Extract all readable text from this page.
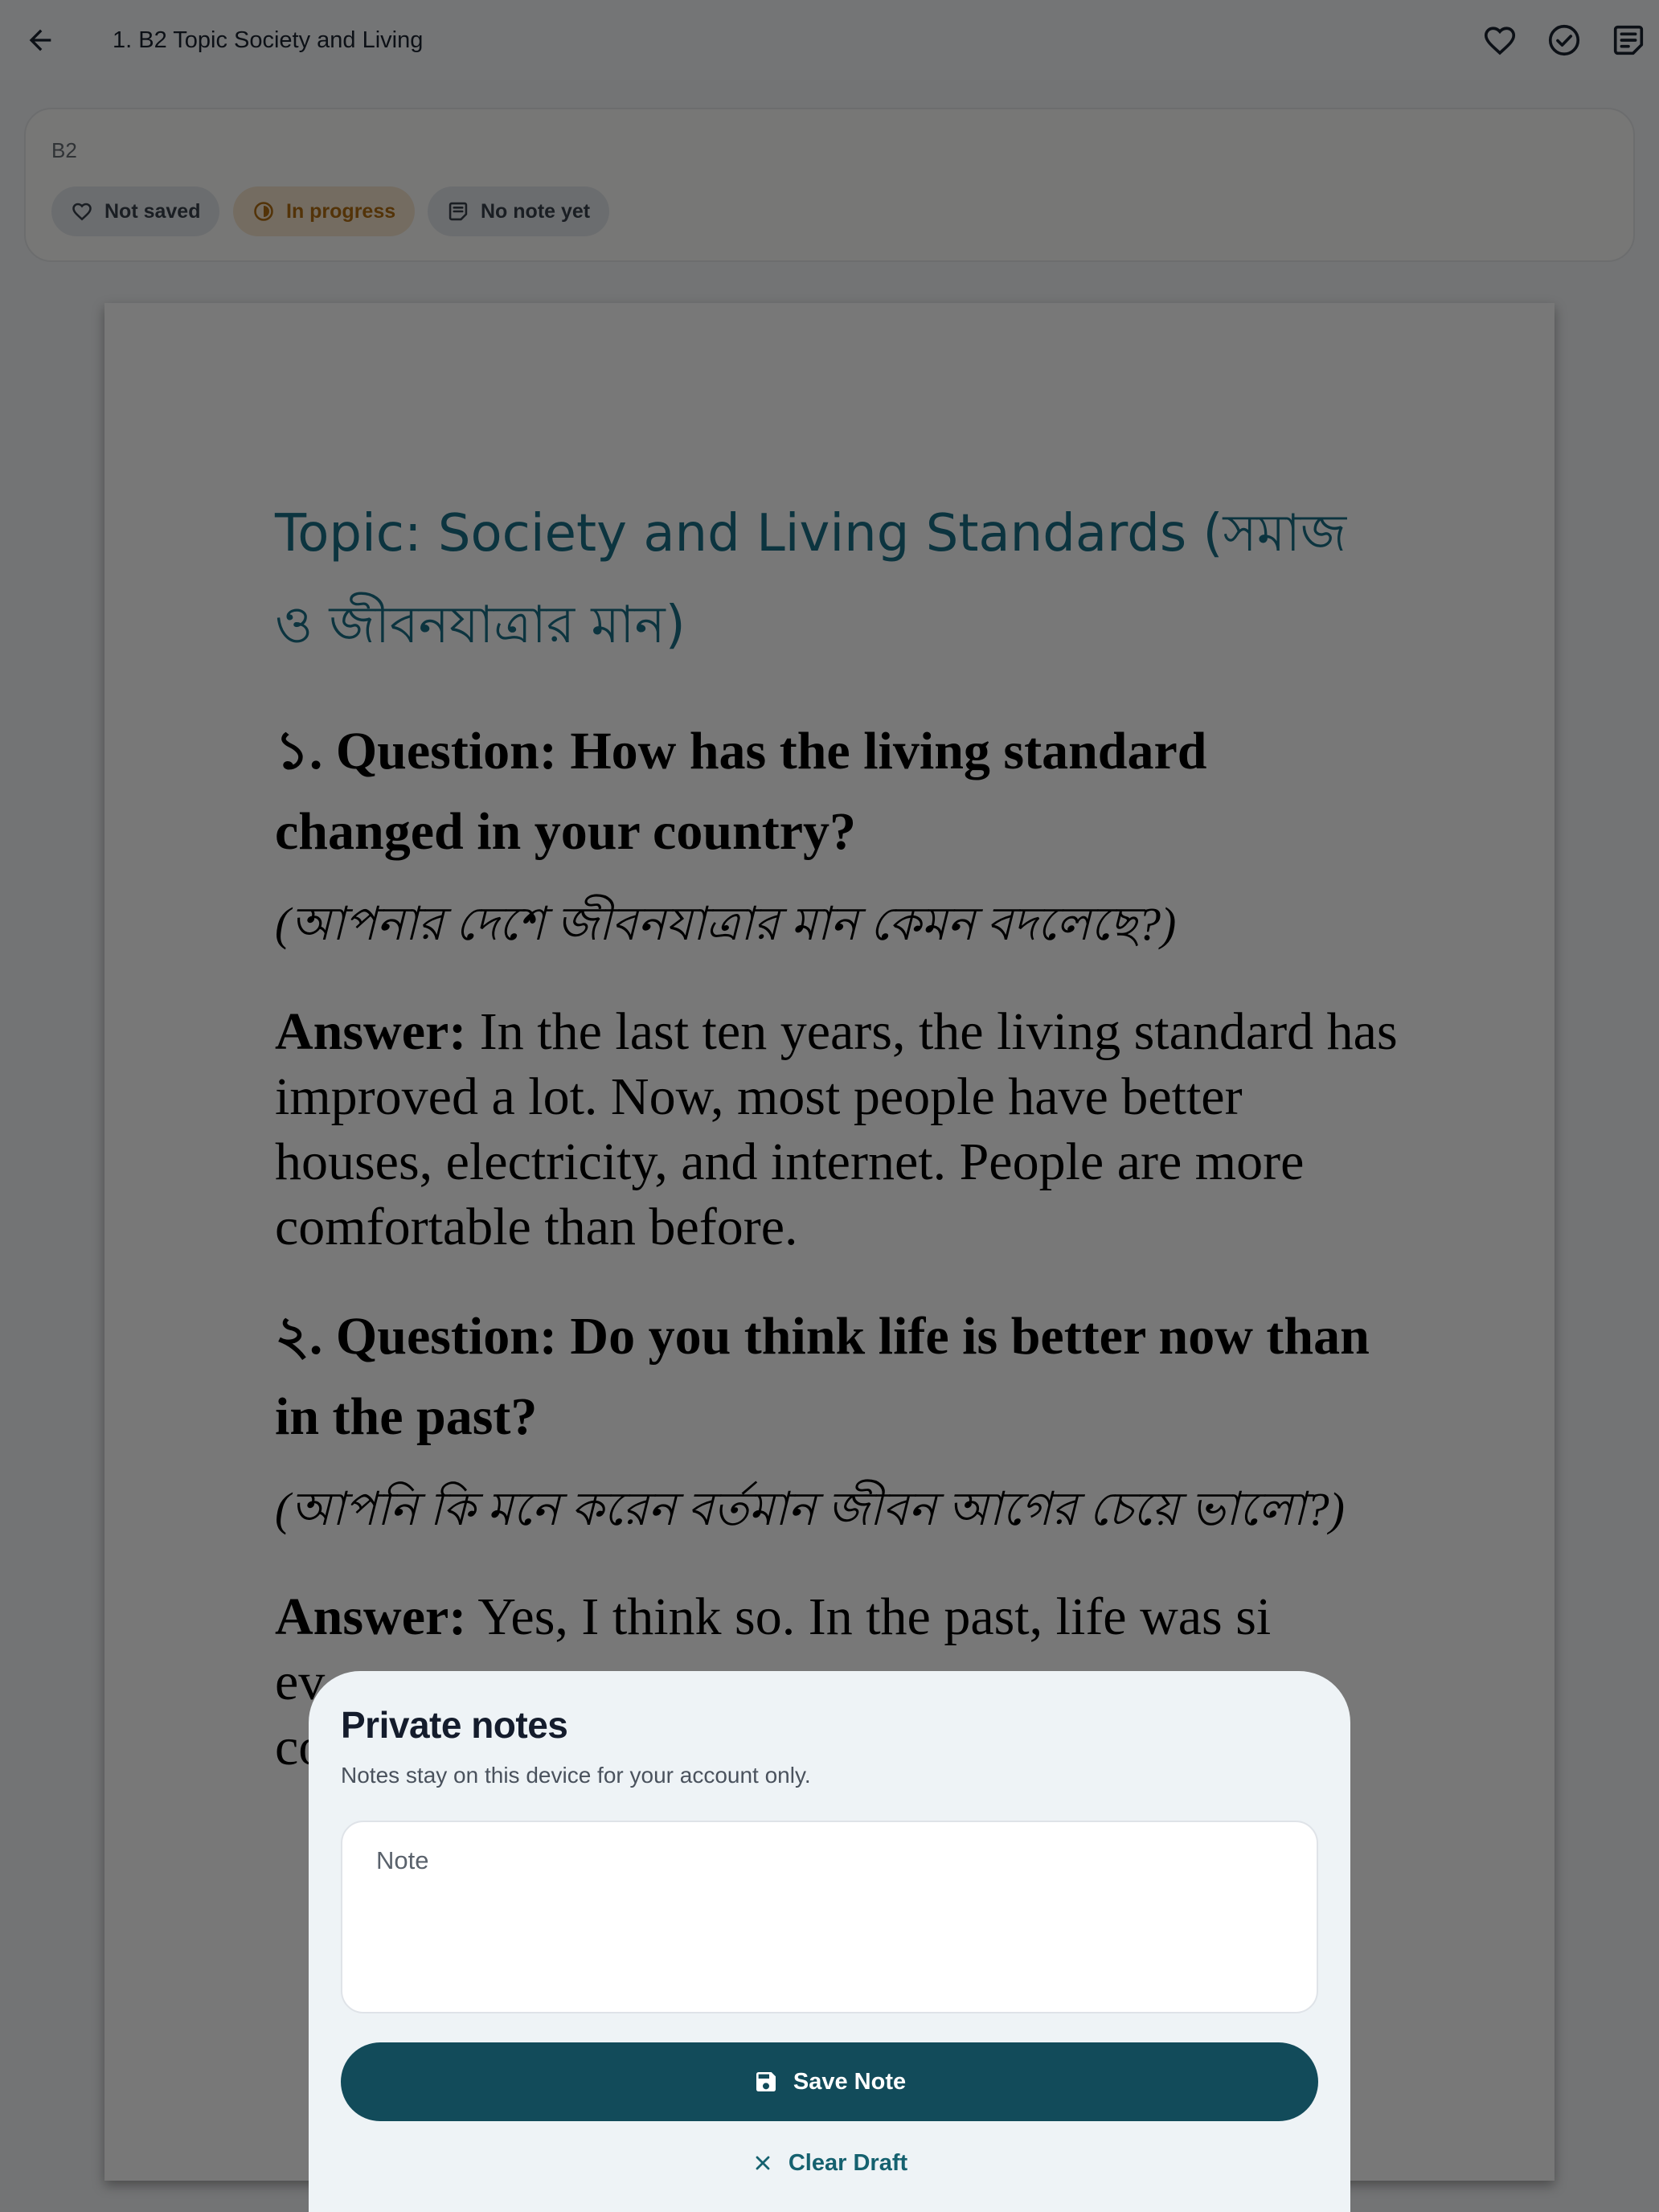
Private notes
Notes stay on this device for your account only.
Note
Save Note
Clear Draft
